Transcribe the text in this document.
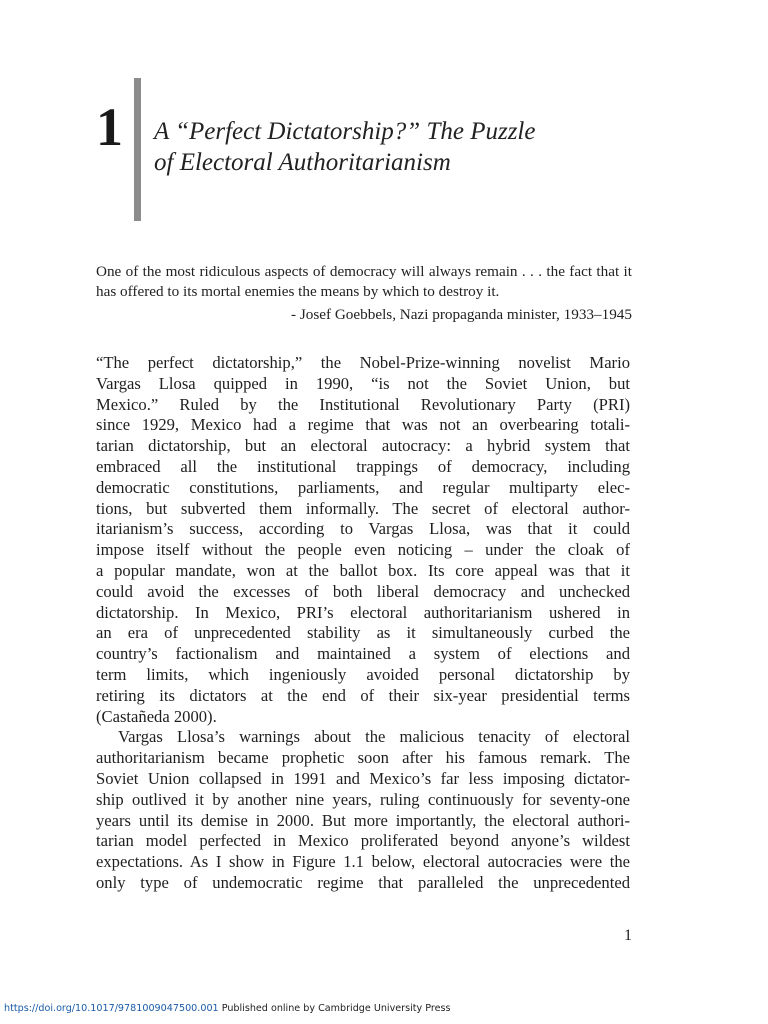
1 A “Perfect Dictatorship?” The Puzzle
of Electoral Authoritarianism
One of the most ridiculous aspects of democracy will always remain . . . the fact that it has offered to its mortal enemies the means by which to destroy it.
- Josef Goebbels, Nazi propaganda minister, 1933–1945
“The perfect dictatorship,” the Nobel-Prize-winning novelist Mario
Vargas Llosa quipped in 1990, “is not the Soviet Union, but
Mexico.” Ruled by the Institutional Revolutionary Party (PRI)
since 1929, Mexico had a regime that was not an overbearing totali-
tarian dictatorship, but an electoral autocracy: a hybrid system that
embraced all the institutional trappings of democracy, including
democratic constitutions, parliaments, and regular multiparty elec-
tions, but subverted them informally. The secret of electoral author-
itarianism’s success, according to Vargas Llosa, was that it could
impose itself without the people even noticing – under the cloak of
a popular mandate, won at the ballot box. Its core appeal was that it
could avoid the excesses of both liberal democracy and unchecked
dictatorship. In Mexico, PRI’s electoral authoritarianism ushered in
an era of unprecedented stability as it simultaneously curbed the
country’s factionalism and maintained a system of elections and
term limits, which ingeniously avoided personal dictatorship by
retiring its dictators at the end of their six-year presidential terms
(Castañeda 2000).
Vargas Llosa’s warnings about the malicious tenacity of electoral
authoritarianism became prophetic soon after his famous remark. The
Soviet Union collapsed in 1991 and Mexico’s far less imposing dictator-
ship outlived it by another nine years, ruling continuously for seventy-one
years until its demise in 2000. But more importantly, the electoral authori-
tarian model perfected in Mexico proliferated beyond anyone’s wildest
expectations. As I show in Figure 1.1 below, electoral autocracies were the
only type of undemocratic regime that paralleled the unprecedented
1
https://doi.org/10.1017/9781009047500.001 Published online by Cambridge University Press
